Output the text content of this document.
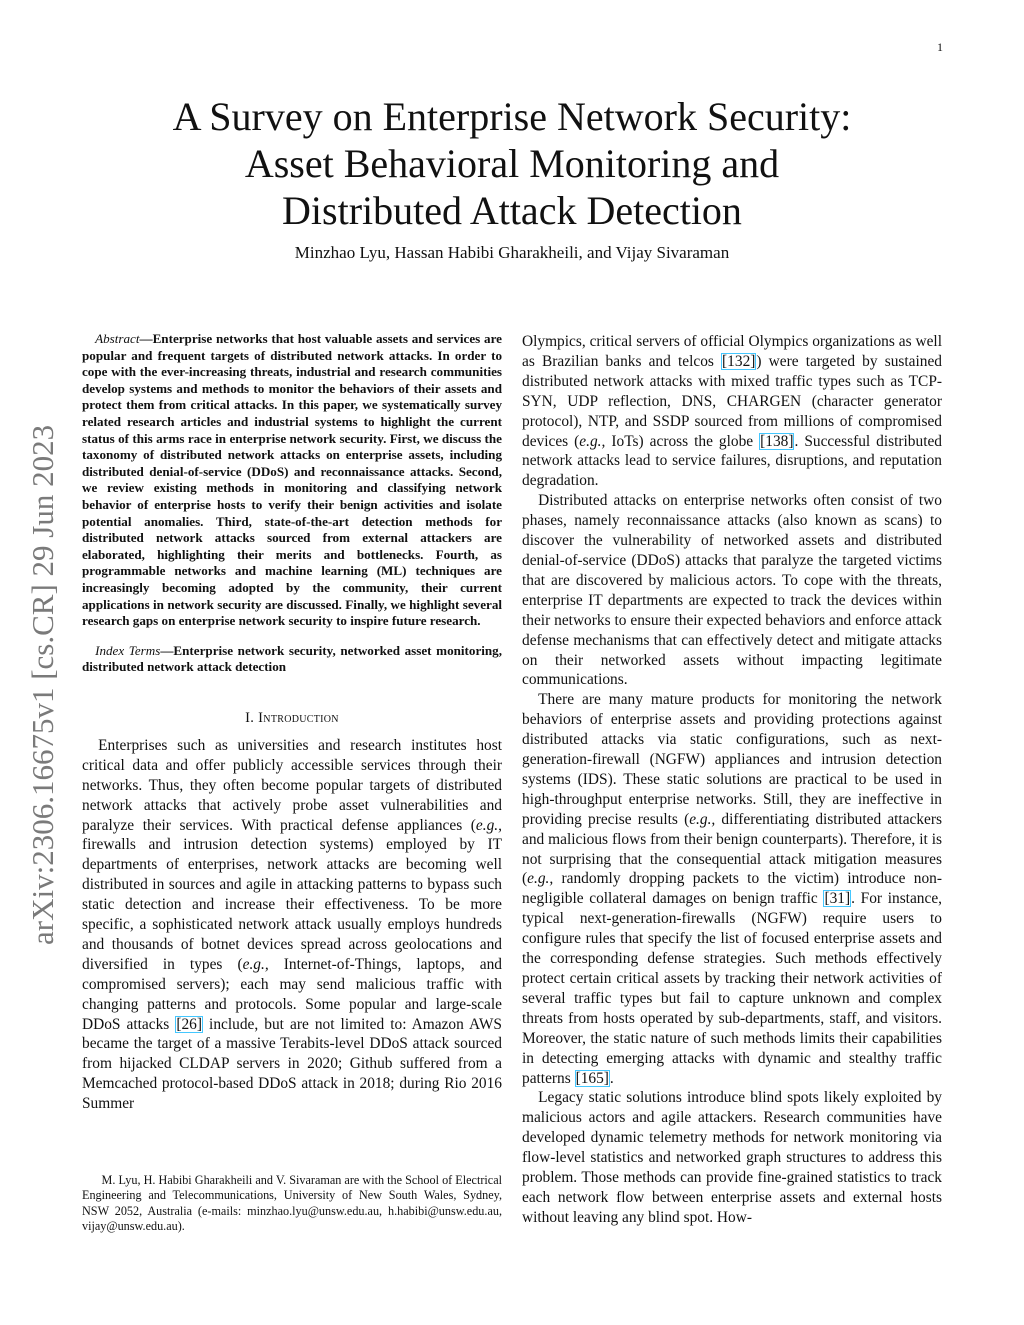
1
arXiv:2306.16675v1 [cs.CR] 29 Jun 2023
A Survey on Enterprise Network Security:
Asset Behavioral Monitoring and
Distributed Attack Detection
Minzhao Lyu, Hassan Habibi Gharakheili, and Vijay Sivaraman

Abstract—Enterprise networks that host valuable assets and services are popular and frequent targets of distributed network attacks. In order to cope with the ever-increasing threats, industrial and research communities develop systems and methods to monitor the behaviors of their assets and protect them from critical attacks. In this paper, we systematically survey related research articles and industrial systems to highlight the current status of this arms race in enterprise network security. First, we discuss the taxonomy of distributed network attacks on enterprise assets, including distributed denial-of-service (DDoS) and reconnaissance attacks. Second, we review existing methods in monitoring and classifying network behavior of enterprise hosts to verify their benign activities and isolate potential anomalies. Third, state-of-the-art detection methods for distributed network attacks sourced from external attackers are elaborated, highlighting their merits and bottlenecks. Fourth, as programmable networks and machine learning (ML) techniques are increasingly becoming adopted by the community, their current applications in network security are discussed. Finally, we highlight several research gaps on enterprise network security to inspire future research.

Index Terms—Enterprise network security, networked asset monitoring, distributed network attack detection

I. Introduction

Enterprises such as universities and research institutes host critical data and offer publicly accessible services through their networks. Thus, they often become popular targets of distributed network attacks that actively probe asset vulnerabilities and paralyze their services. With practical defense appliances (e.g., firewalls and intrusion detection systems) employed by IT departments of enterprises, network attacks are becoming well distributed in sources and agile in attacking patterns to bypass such static detection and increase their effectiveness. To be more specific, a sophisticated network attack usually employs hundreds and thousands of botnet devices spread across geolocations and diversified in types (e.g., Internet-of-Things, laptops, and compromised servers); each may send malicious traffic with changing patterns and protocols. Some popular and large-scale DDoS attacks [26] include, but are not limited to: Amazon AWS became the target of a massive Terabits-level DDoS attack sourced from hijacked CLDAP servers in 2020; Github suffered from a Memcached protocol-based DDoS attack in 2018; during Rio 2016 Summer

M. Lyu, H. Habibi Gharakheili and V. Sivaraman are with the School of Electrical Engineering and Telecommunications, University of New South Wales, Sydney, NSW 2052, Australia (e-mails: minzhao.lyu@unsw.edu.au, h.habibi@unsw.edu.au, vijay@unsw.edu.au).

Olympics, critical servers of official Olympics organizations as well as Brazilian banks and telcos [132]) were targeted by sustained distributed network attacks with mixed traffic types such as TCP-SYN, UDP reflection, DNS, CHARGEN (character generator protocol), NTP, and SSDP sourced from millions of compromised devices (e.g., IoTs) across the globe [138]. Successful distributed network attacks lead to service failures, disruptions, and reputation degradation.

Distributed attacks on enterprise networks often consist of two phases, namely reconnaissance attacks (also known as scans) to discover the vulnerability of networked assets and distributed denial-of-service (DDoS) attacks that paralyze the targeted victims that are discovered by malicious actors. To cope with the threats, enterprise IT departments are expected to track the devices within their networks to ensure their expected behaviors and enforce attack defense mechanisms that can effectively detect and mitigate attacks on their networked assets without impacting legitimate communications.

There are many mature products for monitoring the network behaviors of enterprise assets and providing protections against distributed attacks via static configurations, such as next-generation-firewall (NGFW) appliances and intrusion detection systems (IDS). These static solutions are practical to be used in high-throughput enterprise networks. Still, they are ineffective in providing precise results (e.g., differentiating distributed attackers and malicious flows from their benign counterparts). Therefore, it is not surprising that the consequential attack mitigation measures (e.g., randomly dropping packets to the victim) introduce non-negligible collateral damages on benign traffic [31]. For instance, typical next-generation-firewalls (NGFW) require users to configure rules that specify the list of focused enterprise assets and the corresponding defense strategies. Such methods effectively protect certain critical assets by tracking their network activities of several traffic types but fail to capture unknown and complex threats from hosts operated by sub-departments, staff, and visitors. Moreover, the static nature of such methods limits their capabilities in detecting emerging attacks with dynamic and stealthy traffic patterns [165].

Legacy static solutions introduce blind spots likely exploited by malicious actors and agile attackers. Research communities have developed dynamic telemetry methods for network monitoring via flow-level statistics and networked graph structures to address this problem. Those methods can provide fine-grained statistics to track each network flow between enterprise assets and external hosts without leaving any blind spot. How-
